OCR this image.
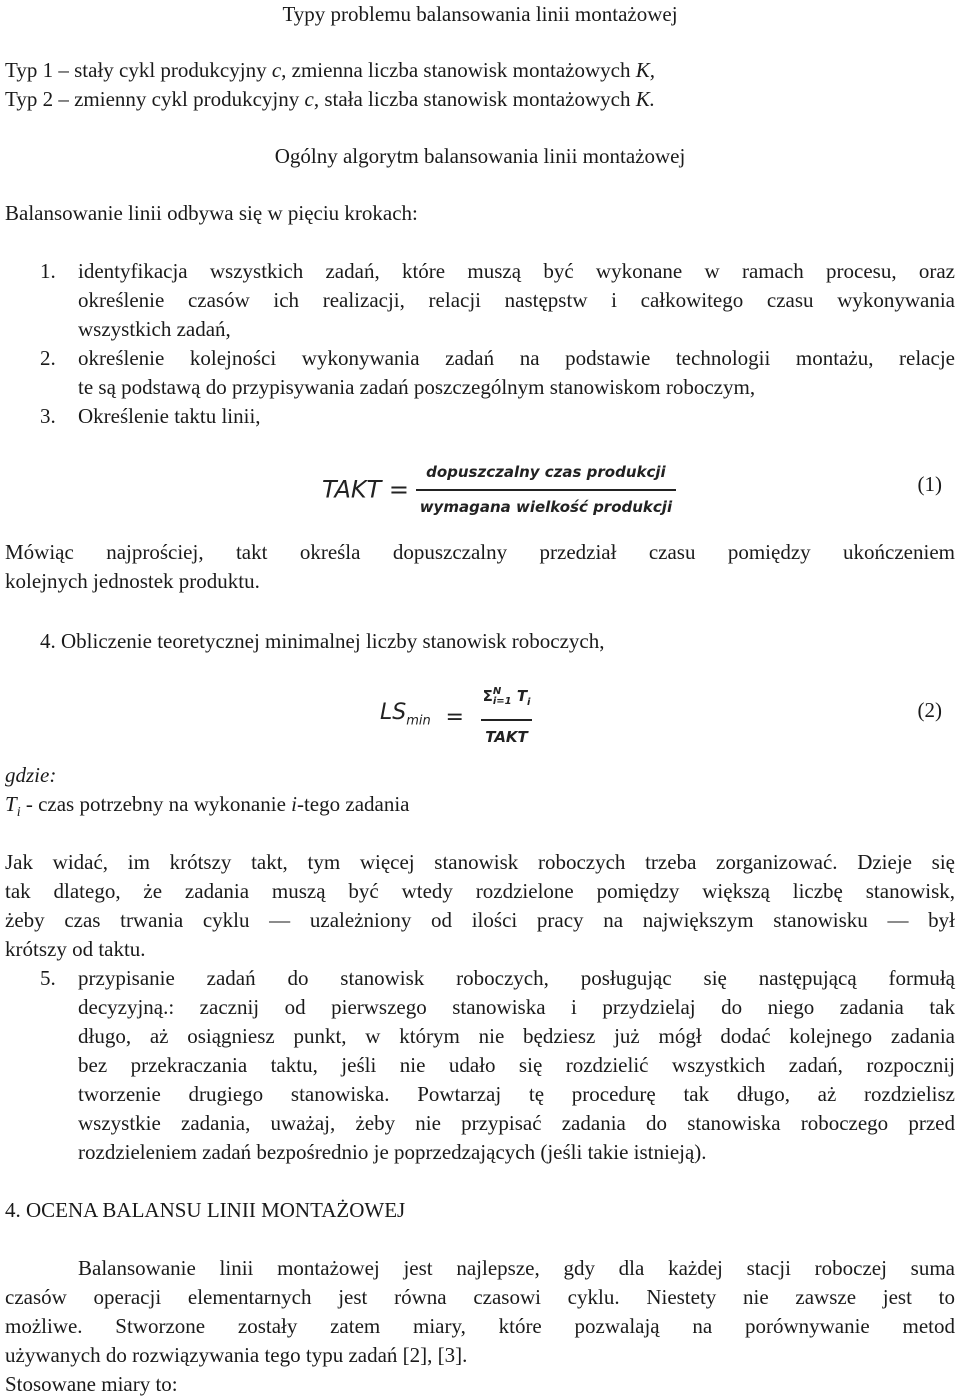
Typy problemu balansowania linii montażowej
Typ 1 – stały cykl produkcyjny c, zmienna liczba stanowisk montażowych K,
Typ 2 – zmienny cykl produkcyjny c, stała liczba stanowisk montażowych K.
Ogólny algorytm balansowania linii montażowej
Balansowanie linii odbywa się w pięciu krokach:
1. identyfikacja wszystkich zadań, które muszą być wykonane w ramach procesu, oraz
określenie czasów ich realizacji, relacji następstw i całkowitego czasu wykonywania
wszystkich zadań,
2. określenie kolejności wykonywania zadań na podstawie technologii montażu, relacje
te są podstawą do przypisywania zadań poszczególnym stanowiskom roboczym,
3. Określenie taktu linii,
TAKT = $\frac{\text{dopuszczalny czas produkcji}}{\text{wymagana wielkość produkcji}}$	(1)
Mówiąc najprościej, takt określa dopuszczalny przedział czasu pomiędzy ukończeniem
kolejnych jednostek produktu.
4. Obliczenie teoretycznej minimalnej liczby stanowisk roboczych,
$LS_{min} = \Sigma$ N
i=1 $T_i$
TAKT	(2)
gdzie:
$T_i$ - czas potrzebny na wykonanie i-tego zadania
Jak widać, im krótszy takt, tym więcej stanowisk roboczych trzeba zorganizować. Dzieje się
tak dlatego, że zadania muszą być wtedy rozdzielone pomiędzy większą liczbę stanowisk,
żeby czas trwania cyklu — uzależniony od ilości pracy na największym stanowisku — był
krótszy od taktu.
5. przypisanie zadań do stanowisk roboczych, posługując się następującą formułą
decyzyjną.: zacznij od pierwszego stanowiska i przydzielaj do niego zadania tak
długo, aż osiągniesz punkt, w którym nie będziesz już mógł dodać kolejnego zadania
bez przekraczania taktu, jeśli nie udało się rozdzielić wszystkich zadań, rozpocznij
tworzenie drugiego stanowiska. Powtarzaj tę procedurę tak długo, aż rozdzielisz
wszystkie zadania, uważaj, żeby nie przypisać zadania do stanowiska roboczego przed
rozdzieleniem zadań bezpośrednio je poprzedzających (jeśli takie istnieją).
4. OCENA BALANSU LINII MONTAŻOWEJ
Balansowanie linii montażowej jest najlepsze, gdy dla każdej stacji roboczej suma
czasów operacji elementarnych jest równa czasowi cyklu. Niestety nie zawsze jest to
możliwe. Stworzone zostały zatem miary, które pozwalają na porównywanie metod
używanych do rozwiązywania tego typu zadań [2], [3].
Stosowane miary to:
